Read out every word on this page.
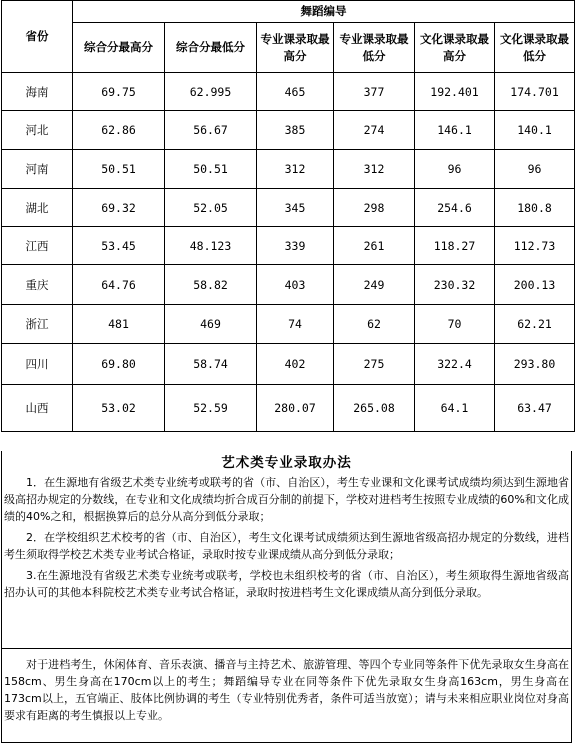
省份	舞蹈编导					
	综合分最高分	综合分最低分	专业课录取最高分	专业课录取最低分	文化课录取最高分	文化课录取最低分
海南	69.75	62.995	465	377	192.401	174.701
河北	62.86	56.67	385	274	146.1	140.1
河南	50.51	50.51	312	312	96	96
湖北	69.32	52.05	345	298	254.6	180.8
江西	53.45	48.123	339	261	118.27	112.73
重庆	64.76	58.82	403	249	230.32	200.13
浙江	481	469	74	62	70	62.21
四川	69.80	58.74	402	275	322.4	293.80
山西	53.02	52.59	280.07	265.08	64.1	63.47
艺术类专业录取办法

1．在生源地有省级艺术类专业统考或联考的省（市、自治区），考生专业课和文化课考试成绩均须达到生源地省级高招办规定的分数线，在专业和文化成绩均折合成百分制的前提下，学校对进档考生按照专业成绩的60%和文化成绩的40%之和，根据换算后的总分从高分到低分录取；

2．在学校组织艺术校考的省（市、自治区），考生文化课考试成绩须达到生源地省级高招办规定的分数线，进档考生须取得学校艺术类专业考试合格证，录取时按专业课成绩从高分到低分录取；

3.在生源地没有省级艺术类专业统考或联考，学校也未组织校考的省（市、自治区），考生须取得生源地省级高招办认可的其他本科院校艺术类专业考试合格证，录取时按进档考生文化课成绩从高分到低分录取。

对于进档考生，休闲体育、音乐表演、播音与主持艺术、旅游管理、等四个专业同等条件下优先录取女生身高在158cm、男生身高在170cm以上的考生；舞蹈编导专业在同等条件下优先录取女生身高163cm，男生身高在173cm以上，五官端正、肢体比例协调的考生（专业特别优秀者，条件可适当放宽）；请与未来相应职业岗位对身高要求有距离的考生慎报以上专业。
